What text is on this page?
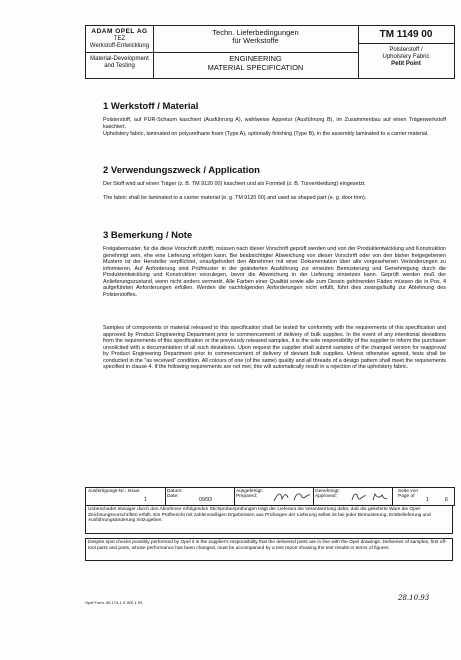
ADAM OPEL AG
TEZ
Werkstoff-Entwicklung
Material-Development
and Testing
Techn. Lieferbedingungen
für Werkstoffe
ENGINEERING
MATERIAL SPECIFICATION
TM 1149 00
Polsterstoff /
Upholstery Fabric
Petit Point
1 Werkstoff / Material
Polsterstoff, auf PUR-Schaum kaschiert (Ausführung A), wahlweise Appretur (Ausführung B), im Zusammenbau auf einen Trägerwerkstoff kaschiert.
Upholstery fabric, laminated on polyurethane foam (Type A), optionally finishing (Type B), in the assembly laminated to a carrier material.
2 Verwendungszweck / Application
Der Stoff wird auf einen Träger (z. B. TM 9120 00) kaschiert und als Formteil (z. B. Türverkleidung) eingesetzt.
The fabric shall be laminated to a carrier material (e. g. TM 9120 00) and used as shaped part (e. g. door trim).
3 Bemerkung / Note
Freigabemuster, für die diese Vorschrift zutrifft, müssen nach dieser Vorschrift geprüft werden und von der Produktentwicklung und Konstruktion genehmigt sein, ehe eine Lieferung erfolgen kann. Bei beabsichtigter Abweichung von dieser Vorschrift oder von den bisher freigegebenen Mustern ist der Hersteller verpflichtet, unaufgefordert den Abnehmer mit einer Dokumentation über alle vorgesehenen Veränderungen zu informieren. Auf Anforderung sind Prüfmuster in der geänderten Ausführung zur erneuten Bemusterung und Genehmigung durch die Produktentwicklung und Konstruktion vorzulegen, bevor die Abweichung in der Lieferung einsetzen kann. Geprüft werden muß der Anlieferungszustand, wenn nicht anders vermerkt. Alle Farben einer Qualität sowie alle zum Dessin gehörenden Fäden müssen die in Pos. 4 aufgeführten Anforderungen erfüllen. Werden die nachfolgenden Anforderungen nicht erfüllt, führt dies zwangsläufig zur Ablehnung des Polsterstoffes.
Samples of components or material released to this specification shall be tested for conformity with the requirements of this specification and approved by Product Engineering Department prior to commencement of delivery of bulk supplies. In the event of any intentional deviations from the requirements of this specification or the previously released samples, it is the sole responsibility of the supplier to inform the purchaser unsolicited with a documentation of all such deviations. Upon request the supplier shall submit samples of the changed version for reapproval by Product Engineering Department prior to commencement of delivery of deviant bulk supplies. Unless otherwise agreed, tests shall be conducted in the "as received" condition. All colours of one (of the same) quality and all threads of a design pattern shall meet the requirements specified in clause 4. If the following requirements are not met, this will automatically result in a rejection of the upholstery fabric.
Ausfertigungs-Nr.: Issue:
1
Datum: Date:
09/93
Ausgefertigt: Prepared:
Genehmigt: Approved:
Seite von Page of
1	6
Unbeschadet etwaiger durch den Abnehmer erfolgenden Stichprobenprüfungen trägt der Lieferant die Verantwortung dafür, daß die gelieferte Ware die Opel-Zeichnungsvorschriften erfüllt. Ein Prüfbericht mit zahlenmäßigen Ergebnissen aus Prüfungen der Lieferung selbst ist bei jeder Bemusterung, Erstbelieferung und Ausführungsänderung mitzugeben.
Despite spot checks possibly performed by Opel it is the supplier's responsibility that the delivered parts are in line with the Opel drawings. Deliveries of samples, first off-tool parts and parts, whose performance has been changed, must be accompanied by a test report showing the test results in terms of figures.
Opel Form. 86 174-1 E WD 1 93
28.10.93
